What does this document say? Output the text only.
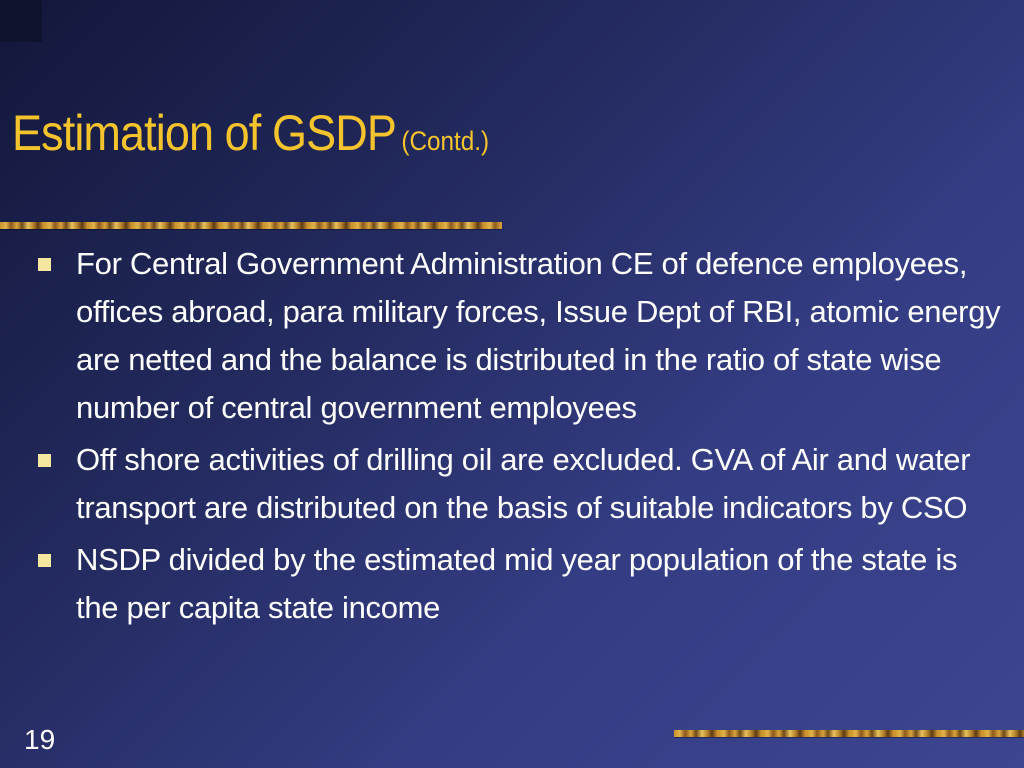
Estimation of GSDP (Contd.)
For Central Government Administration CE of defence employees, offices abroad, para military forces, Issue Dept of RBI, atomic energy are netted and the balance is distributed in the ratio of state wise number of central government employees
Off shore activities of drilling oil are excluded. GVA of Air and water transport are distributed on the basis of suitable indicators by CSO
NSDP divided by the estimated mid year population of the state is the per capita state income
19
